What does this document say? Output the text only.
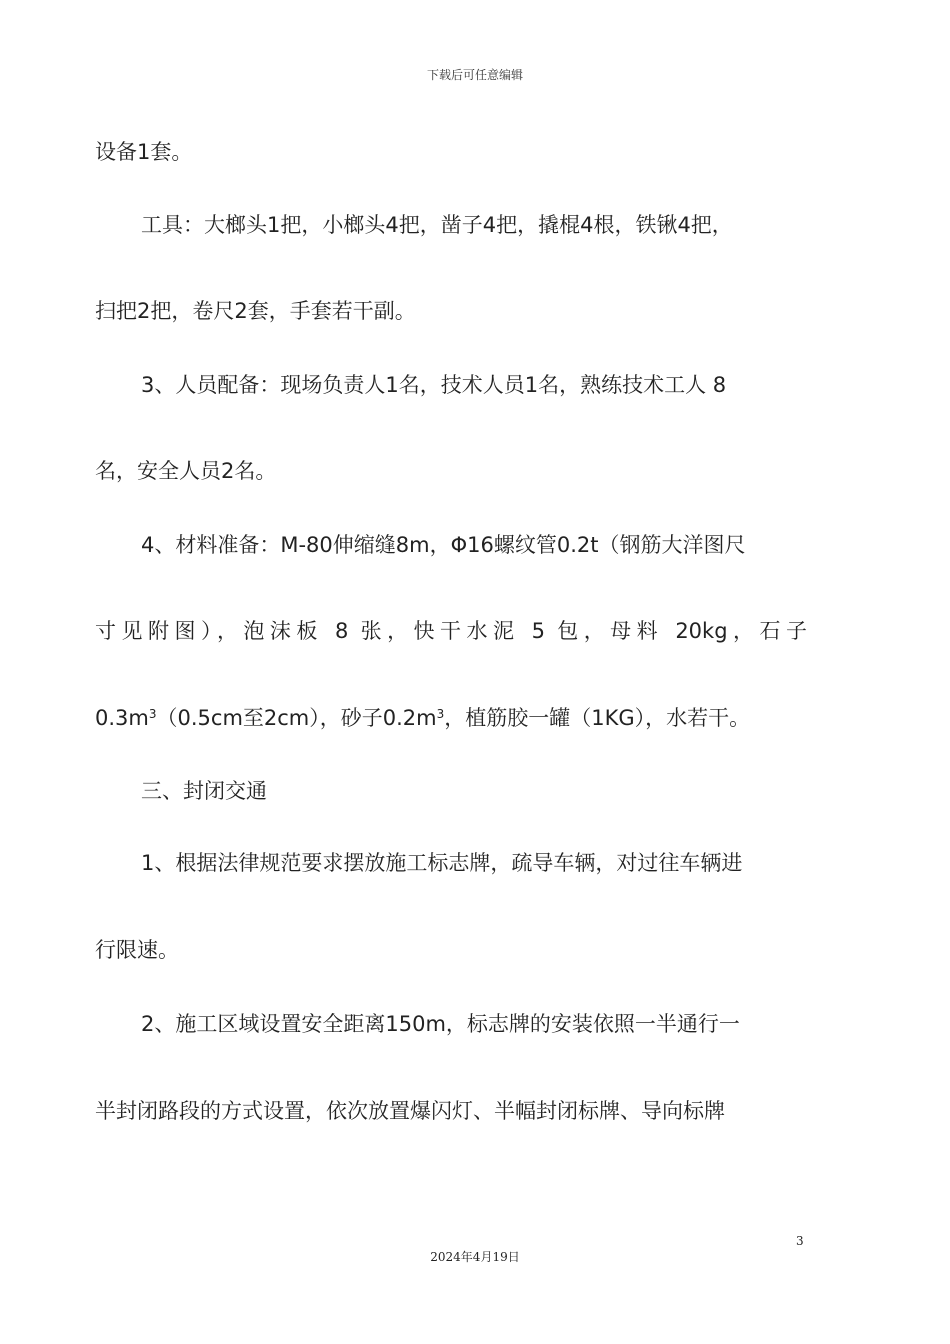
下载后可任意编辑
设备1套。
工具：大榔头1把，小榔头4把，凿子4把，撬棍4根，铁锹4把，
扫把2把，卷尺2套，手套若干副。
3、人员配备：现场负责人1名，技术人员1名，熟练技术工人 8
名，安全人员2名。
4、材料准备：M-80伸缩缝8m，Φ16螺纹管0.2t（钢筋大洋图尺
寸见附图），泡沫板 8 张，快干水泥 5 包，母料 20kg，石子
$0.3m^3(0.5cm$至2cm），砂子$0.2m^3$，植筋胶一罐（1KG），水若干。
三、封闭交通
1、根据法律规范要求摆放施工标志牌，疏导车辆，对过往车辆进
行限速。
2、施工区域设置安全距离150m，标志牌的安装依照一半通行一
半封闭路段的方式设置，依次放置爆闪灯、半幅封闭标牌、导向标牌
3
2024年4月19日
